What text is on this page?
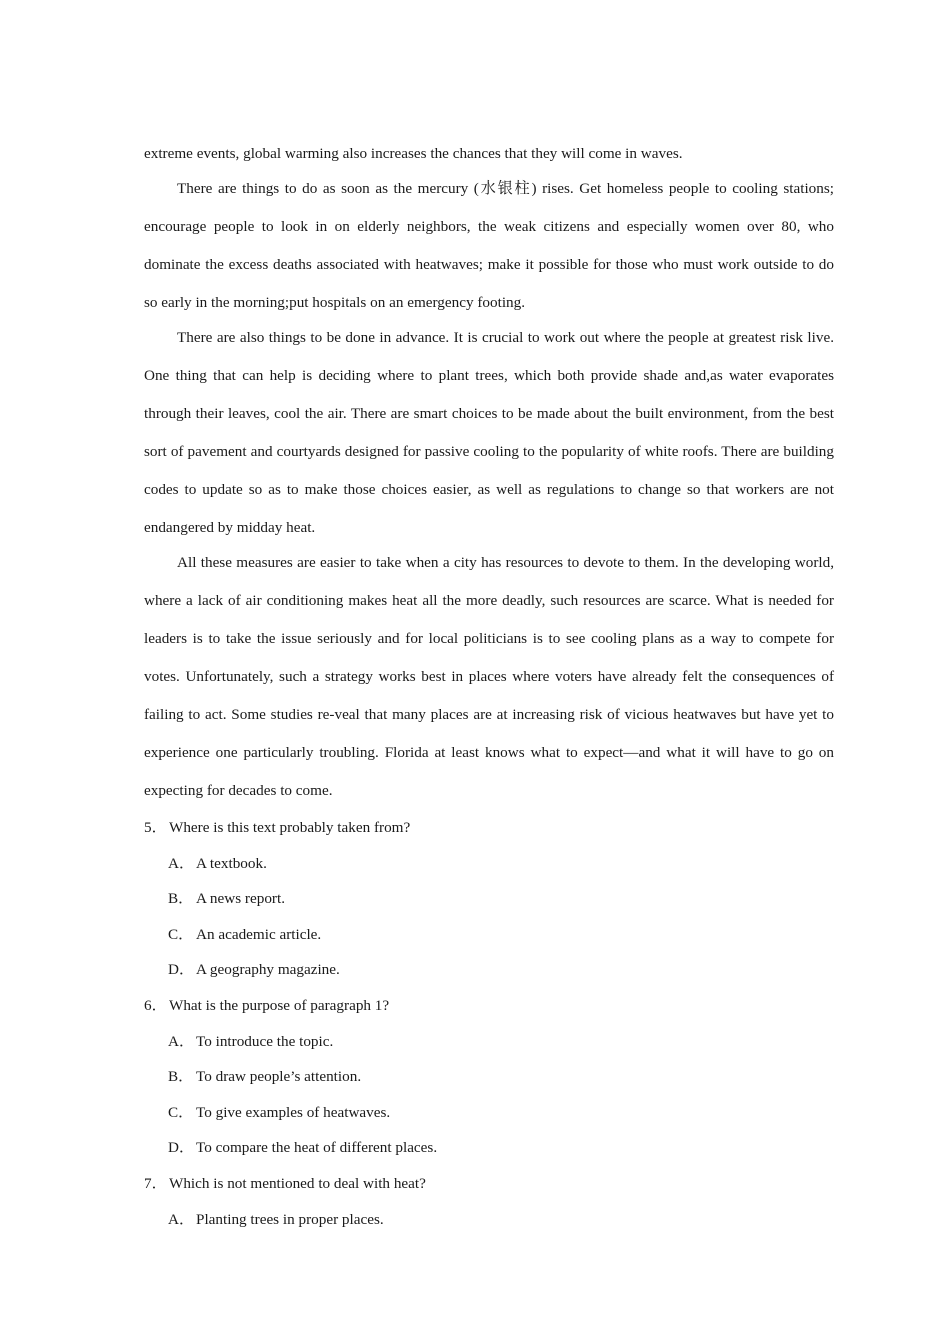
extreme events, global warming also increases the chances that they will come in waves.

There are things to do as soon as the mercury (水银柱) rises. Get homeless people to cooling stations; encourage people to look in on elderly neighbors, the weak citizens and especially women over 80, who dominate the excess deaths associated with heatwaves; make it possible for those who must work outside to do so early in the morning;put hospitals on an emergency footing.

There are also things to be done in advance. It is crucial to work out where the people at greatest risk live. One thing that can help is deciding where to plant trees, which both provide shade and,as water evaporates through their leaves, cool the air. There are smart choices to be made about the built environment, from the best sort of pavement and courtyards designed for passive cooling to the popularity of white roofs. There are building codes to update so as to make those choices easier, as well as regulations to change so that workers are not endangered by midday heat.

All these measures are easier to take when a city has resources to devote to them. In the developing world, where a lack of air conditioning makes heat all the more deadly, such resources are scarce. What is needed for leaders is to take the issue seriously and for local politicians is to see cooling plans as a way to compete for votes. Unfortunately, such a strategy works best in places where voters have already felt the consequences of failing to act. Some studies re-veal that many places are at increasing risk of vicious heatwaves but have yet to experience one particularly troubling. Florida at least knows what to expect—and what it will have to go on expecting for decades to come.

5． Where is this text probably taken from?

A． A textbook.

B． A news report.

C． An academic article.

D． A geography magazine.

6． What is the purpose of paragraph 1?

A． To introduce the topic.

B． To draw people’s attention.

C． To give examples of heatwaves.

D． To compare the heat of different places.

7． Which is not mentioned to deal with heat?

A． Planting trees in proper places.
